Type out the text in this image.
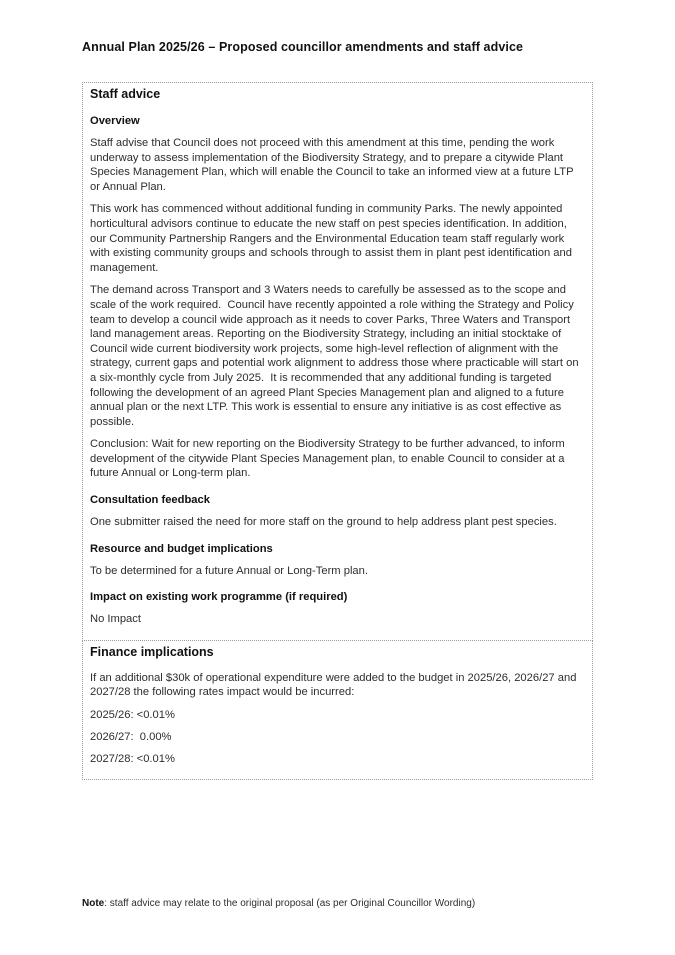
Annual Plan 2025/26 – Proposed councillor amendments and staff advice
Staff advice
Overview

Staff advise that Council does not proceed with this amendment at this time, pending the work underway to assess implementation of the Biodiversity Strategy, and to prepare a citywide Plant Species Management Plan, which will enable the Council to take an informed view at a future LTP or Annual Plan.

This work has commenced without additional funding in community Parks. The newly appointed horticultural advisors continue to educate the new staff on pest species identification. In addition, our Community Partnership Rangers and the Environmental Education team staff regularly work with existing community groups and schools through to assist them in plant pest identification and management.

The demand across Transport and 3 Waters needs to carefully be assessed as to the scope and scale of the work required.  Council have recently appointed a role withing the Strategy and Policy team to develop a council wide approach as it needs to cover Parks, Three Waters and Transport land management areas. Reporting on the Biodiversity Strategy, including an initial stocktake of Council wide current biodiversity work projects, some high-level reflection of alignment with the strategy, current gaps and potential work alignment to address those where practicable will start on a six-monthly cycle from July 2025.  It is recommended that any additional funding is targeted following the development of an agreed Plant Species Management plan and aligned to a future annual plan or the next LTP. This work is essential to ensure any initiative is as cost effective as possible.

Conclusion: Wait for new reporting on the Biodiversity Strategy to be further advanced, to inform development of the citywide Plant Species Management plan, to enable Council to consider at a future Annual or Long-term plan.

Consultation feedback

One submitter raised the need for more staff on the ground to help address plant pest species.

Resource and budget implications

To be determined for a future Annual or Long-Term plan.

Impact on existing work programme (if required)

No Impact

Finance implications

If an additional $30k of operational expenditure were added to the budget in 2025/26, 2026/27 and 2027/28 the following rates impact would be incurred:

2025/26: <0.01%

2026/27:  0.00%

2027/28: <0.01%

Note: staff advice may relate to the original proposal (as per Original Councillor Wording)
